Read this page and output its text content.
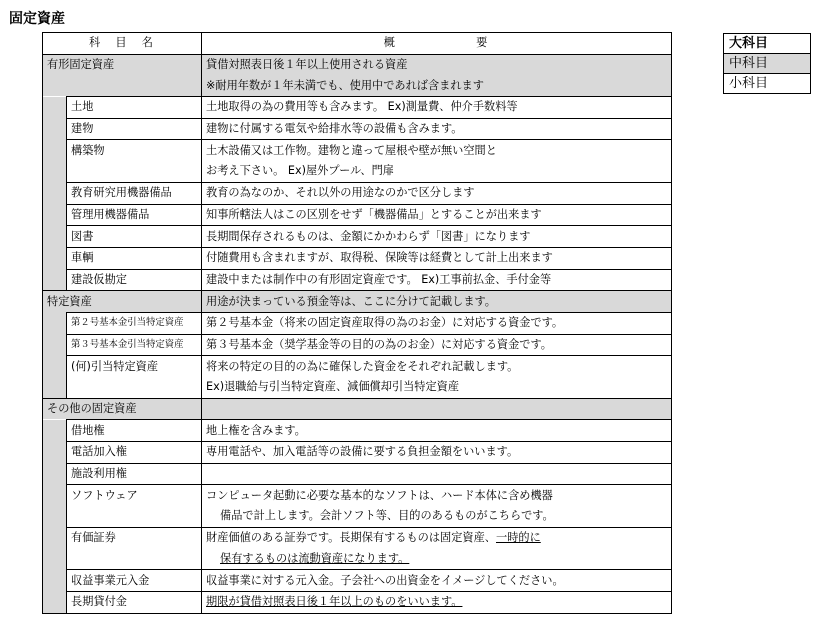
固定資産
科　目　名		概　　　　　　要
有形固定資産		貸借対照表日後１年以上使用される資産
		※耐用年数が１年未満でも、使用中であれば含まれます
	土地	土地取得の為の費用等も含みます。 Ex)測量費、仲介手数料等
	建物	建物に付属する電気や給排水等の設備も含みます。
	構築物	土木設備又は工作物。建物と違って屋根や壁が無い空間と
		お考え下さい。 Ex)屋外プール、門扉
	教育研究用機器備品	教育の為なのか、それ以外の用途なのかで区分します
	管理用機器備品	知事所轄法人はこの区別をせず「機器備品」とすることが出来ます
	図書	長期間保存されるものは、金額にかかわらず「図書」になります
	車輌	付随費用も含まれますが、取得税、保険等は経費として計上出来ます
	建設仮勘定	建設中または制作中の有形固定資産です。 Ex)工事前払金、手付金等
特定資産		用途が決まっている預金等は、ここに分けて記載します。
	第２号基本金引当特定資産	第２号基本金（将来の固定資産取得の為のお金）に対応する資金です。
	第３号基本金引当特定資産	第３号基本金（奨学基金等の目的の為のお金）に対応する資金です。
	(何)引当特定資産	将来の特定の目的の為に確保した資金をそれぞれ記載します。
		Ex)退職給与引当特定資産、減価償却引当特定資産
その他の固定資産		
	借地権	地上権を含みます。
	電話加入権	専用電話や、加入電話等の設備に要する負担金額をいいます。
	施設利用権	
	ソフトウェア	コンピュータ起動に必要な基本的なソフトは、ハード本体に含め機器
		備品で計上します。会計ソフト等、目的のあるものがこちらです。
	有価証券	財産価値のある証券です。長期保有するものは固定資産、一時的に
		保有するものは流動資産になります。
	収益事業元入金	収益事業に対する元入金。子会社への出資金をイメージしてください。
	長期貸付金	期限が貸借対照表日後１年以上のものをいいます。
大科目
中科目
小科目
